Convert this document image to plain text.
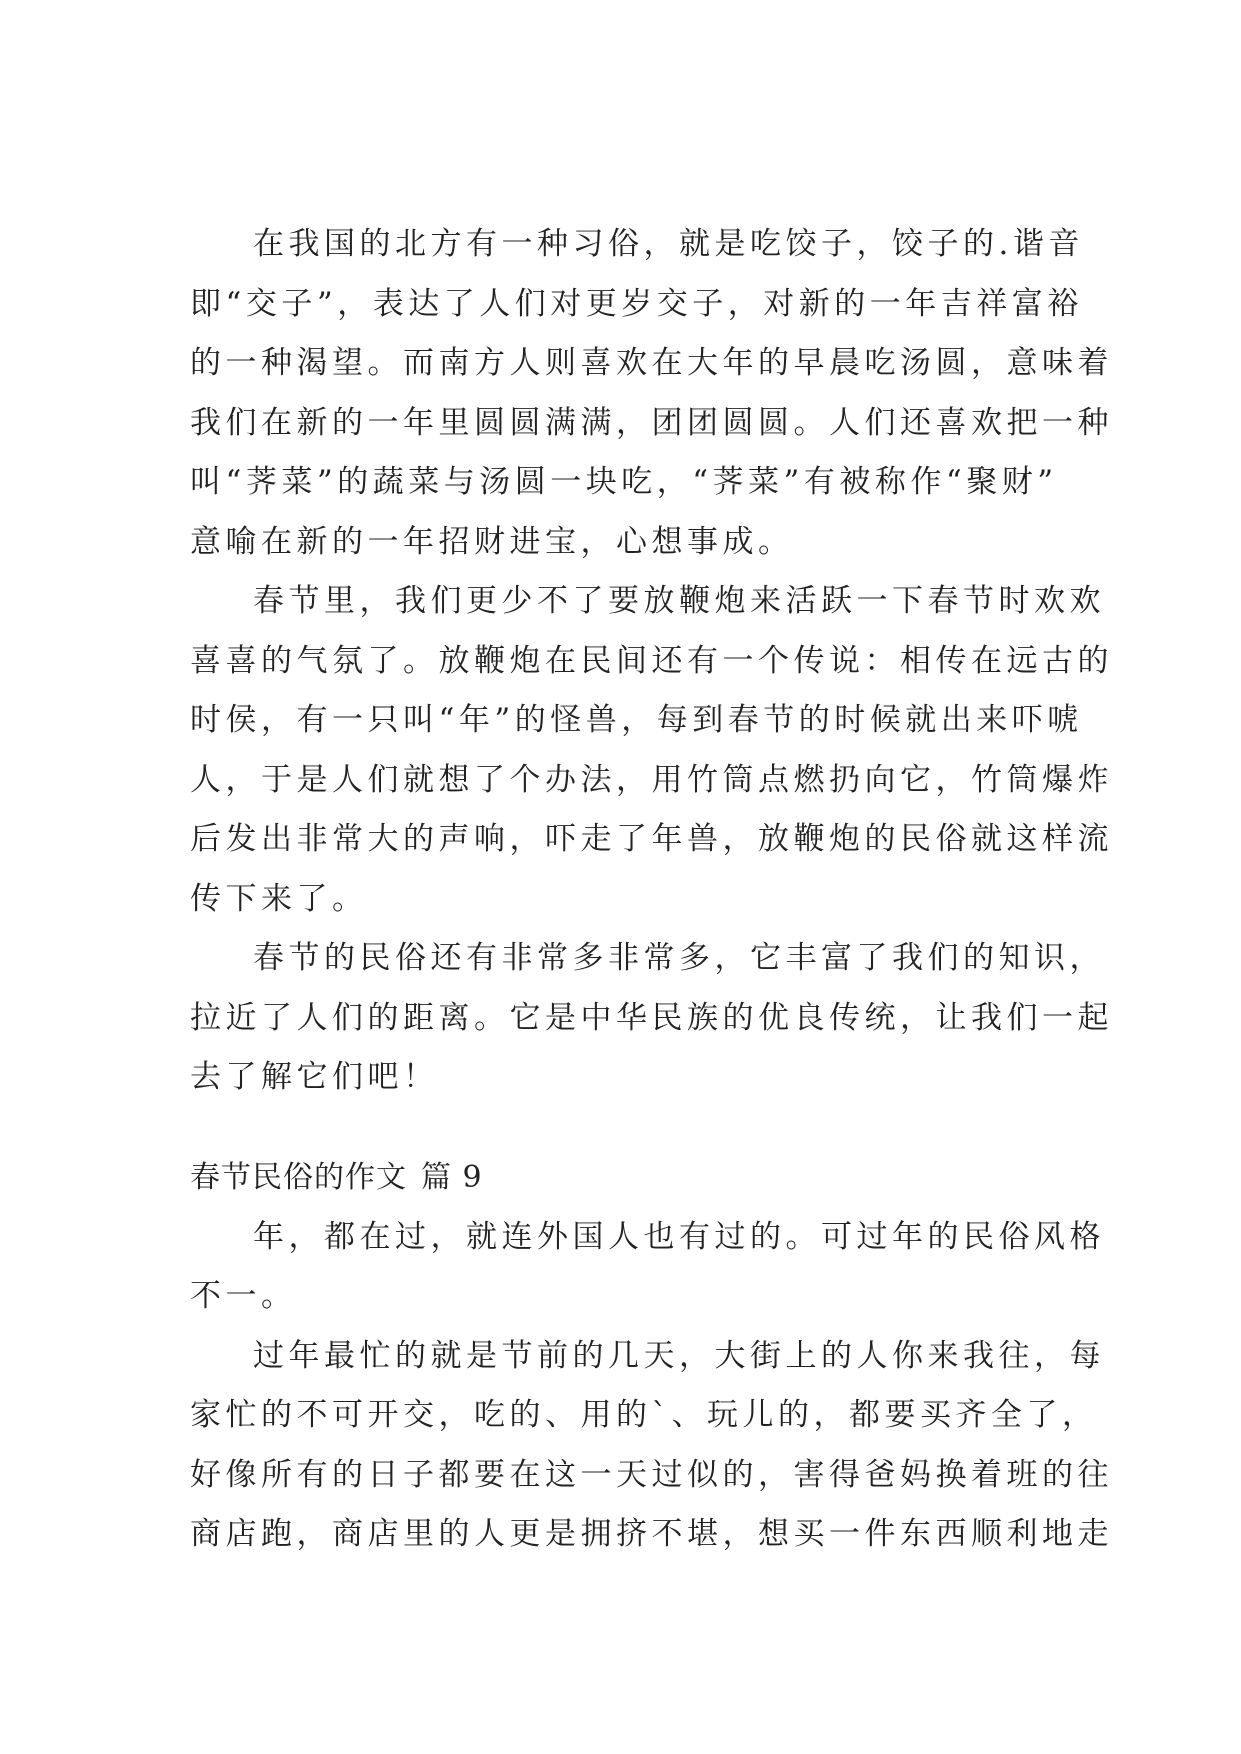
在我国的北方有一种习俗，就是吃饺子，饺子的.谐音
即“交子”，表达了人们对更岁交子，对新的一年吉祥富裕
的一种渴望。而南方人则喜欢在大年的早晨吃汤圆，意味着
我们在新的一年里圆圆满满，团团圆圆。人们还喜欢把一种
叫“荠菜”的蔬菜与汤圆一块吃，“荠菜”有被称作“聚财”
意喻在新的一年招财进宝，心想事成。
春节里，我们更少不了要放鞭炮来活跃一下春节时欢欢
喜喜的气氛了。放鞭炮在民间还有一个传说：相传在远古的
时侯，有一只叫“年”的怪兽，每到春节的时候就出来吓唬
人，于是人们就想了个办法，用竹筒点燃扔向它，竹筒爆炸
后发出非常大的声响，吓走了年兽，放鞭炮的民俗就这样流
传下来了。
春节的民俗还有非常多非常多，它丰富了我们的知识，
拉近了人们的距离。它是中华民族的优良传统，让我们一起
去了解它们吧！
春节民俗的作文 篇 9
年，都在过，就连外国人也有过的。可过年的民俗风格
不一。
过年最忙的就是节前的几天，大街上的人你来我往，每
家忙的不可开交，吃的、用的`、玩儿的，都要买齐全了，
好像所有的日子都要在这一天过似的，害得爸妈换着班的往
商店跑，商店里的人更是拥挤不堪，想买一件东西顺利地走
